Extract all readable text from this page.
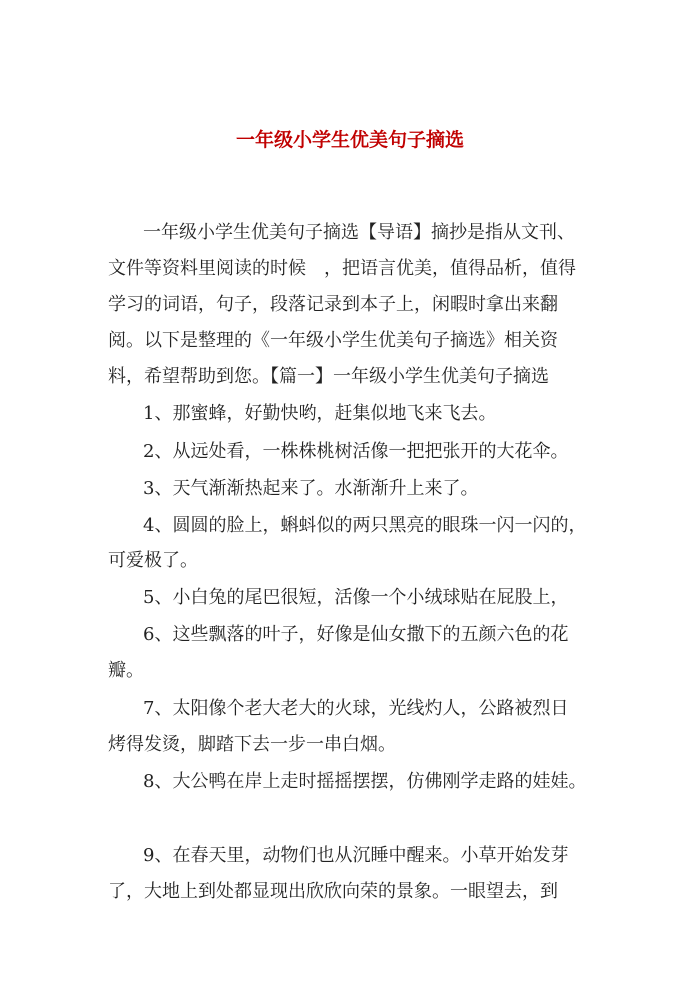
一年级小学生优美句子摘选
一年级小学生优美句子摘选【导语】摘抄是指从文刊、
文件等资料里阅读的时候　，把语言优美，值得品析，值得
学习的词语，句子，段落记录到本子上，闲暇时拿出来翻
阅。以下是整理的《一年级小学生优美句子摘选》相关资
料，希望帮助到您。【篇一】一年级小学生优美句子摘选
1、那蜜蜂，好勤快哟，赶集似地飞来飞去。
2、从远处看，一株株桃树活像一把把张开的大花伞。
3、天气渐渐热起来了。水渐渐升上来了。
4、圆圆的脸上，蝌蚪似的两只黑亮的眼珠一闪一闪的，
可爱极了。
5、小白兔的尾巴很短，活像一个小绒球贴在屁股上，
6、这些飘落的叶子，好像是仙女撒下的五颜六色的花
瓣。
7、太阳像个老大老大的火球，光线灼人，公路被烈日
烤得发烫，脚踏下去一步一串白烟。
8、大公鸭在岸上走时摇摇摆摆，仿佛刚学走路的娃娃。
9、在春天里，动物们也从沉睡中醒来。小草开始发芽
了，大地上到处都显现出欣欣向荣的景象。一眼望去，到
